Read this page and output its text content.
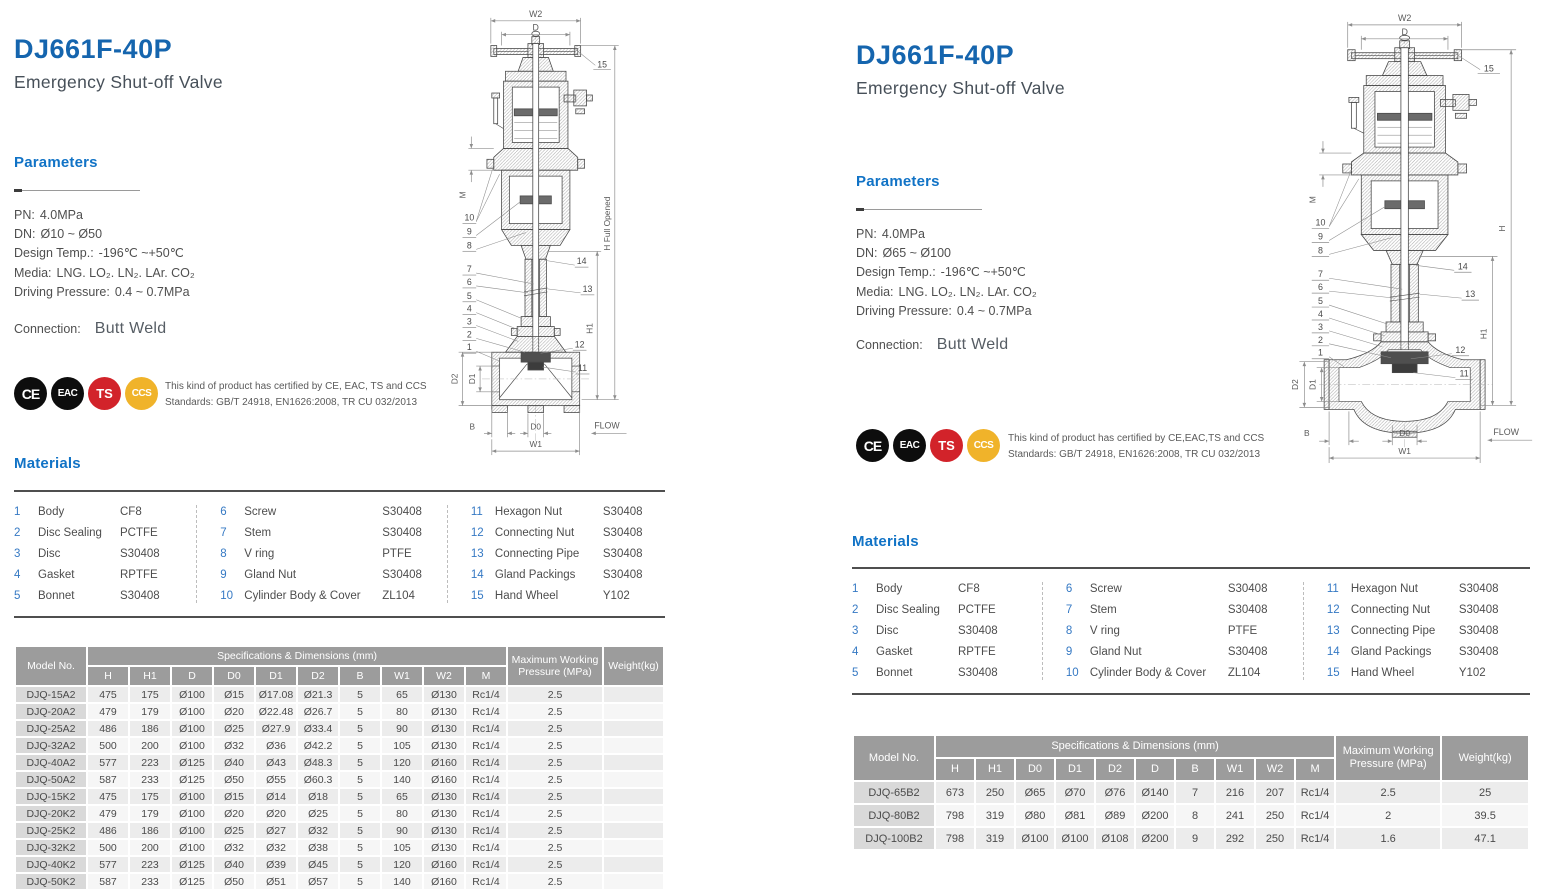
DJ661F-40P
Emergency Shut-off Valve
Parameters
PN: 4.0MPa
DN: Ø10 ~ Ø50
Design Temp.: -196℃ ~+50℃
Media: LNG. LO₂. LN₂. LAr. CO₂
Driving Pressure: 0.4 ~ 0.7MPa
Connection: Butt Weld
CE	EAC	TS	CCS
This kind of product has certified by CE, EAC, TS and CCS
Standards: GB/T 24918, EN1626:2008, TR CU 032/2013
Materials
1	Body	CF8
2	Disc Sealing	PCTFE
3	Disc	S30408
4	Gasket	RPTFE
5	Bonnet	S30408
6	Screw	S30408
7	Stem	S30408
8	V ring	PTFE
9	Gland Nut	S30408
10 Cylinder Body & Cover	ZL104
11	Hexagon Nut	S30408
12 Connecting Nut	S30408
13 Connecting Pipe	S30408
14 Gland Packings	S30408
15 Hand Wheel	Y102
Model No.	Specifications & Dimensions (mm)										Maximum Working Pressure (MPa)	Weight(kg)
	H	H1	D	D0	D1	D2	B	W1	W2	M		
DJQ-15A2	475	175	Ø100	Ø15	Ø17.08	Ø21.3	5	65	Ø130	Rc1/4	2.5	
DJQ-20A2	479	179	Ø100	Ø20	Ø22.48	Ø26.7	5	80	Ø130	Rc1/4	2.5	
DJQ-25A2	486	186	Ø100	Ø25	Ø27.9	Ø33.4	5	90	Ø130	Rc1/4	2.5	
DJQ-32A2	500	200	Ø100	Ø32	Ø36	Ø42.2	5	105	Ø130	Rc1/4	2.5	
DJQ-40A2	577	223	Ø125	Ø40	Ø43	Ø48.3	5	120	Ø160	Rc1/4	2.5	
DJQ-50A2	587	233	Ø125	Ø50	Ø55	Ø60.3	5	140	Ø160	Rc1/4	2.5	
DJQ-15K2	475	175	Ø100	Ø15	Ø14	Ø18	5	65	Ø130	Rc1/4	2.5	
DJQ-20K2	479	179	Ø100	Ø20	Ø20	Ø25	5	80	Ø130	Rc1/4	2.5	
DJQ-25K2	486	186	Ø100	Ø25	Ø27	Ø32	5	90	Ø130	Rc1/4	2.5	
DJQ-32K2	500	200	Ø100	Ø32	Ø32	Ø38	5	105	Ø130	Rc1/4	2.5	
DJQ-40K2	577	223	Ø125	Ø40	Ø39	Ø45	5	120	Ø160	Rc1/4	2.5	
DJQ-50K2	587	233	Ø125	Ø50	Ø51	Ø57	5	140	Ø160	Rc1/4	2.5	
D2 D1
B	D0
W1
FLOW
H1
H Full Opened
W2
D
15
M
10
9
8
7
6
5
4
3
2
1
14
13
12
11
DJ661F-40P
Emergency Shut-off Valve
Parameters
PN: 4.0MPa
DN: Ø65 ~ Ø100
Design Temp.: -196℃ ~+50℃
Media: LNG. LO₂. LN₂. LAr. CO₂
Driving Pressure: 0.4 ~ 0.7MPa
Connection: Butt Weld
CE	EAC	TS	CCS
This kind of product has certified by CE,EAC,TS and CCS
Standards: GB/T 24918, EN1626:2008, TR CU 032/2013
Materials
1	Body	CF8
2	Disc Sealing	PCTFE
3	Disc	S30408
4	Gasket	RPTFE
5	Bonnet	S30408
6	Screw	S30408
7	Stem	S30408
8	V ring	PTFE
9	Gland Nut	S30408
10 Cylinder Body & Cover	ZL104
11	Hexagon Nut	S30408
12 Connecting Nut	S30408
13 Connecting Pipe	S30408
14 Gland Packings	S30408
15 Hand Wheel	Y102
Model No.	Specifications & Dimensions (mm)										Maximum Working Pressure (MPa)	Weight(kg)
	H	H1	D0	D1	D2	D	B	W1	W2	M		
DJQ-65B2	673	250	Ø65	Ø70	Ø76	Ø140	7	216	207	Rc1/4	2.5	25
DJQ-80B2	798	319	Ø80	Ø81	Ø89	Ø200	8	241	250	Rc1/4	2	39.5
DJQ-100B2	798	319	Ø100	Ø100	Ø108	Ø200	9	292	250	Rc1/4	1.6	47.1
D2 D1
B	D0
W1
FLOW
H1
H
W2
D
15
M
10
9
8
7
6
5
4
3
2
1
14
13
12
11
